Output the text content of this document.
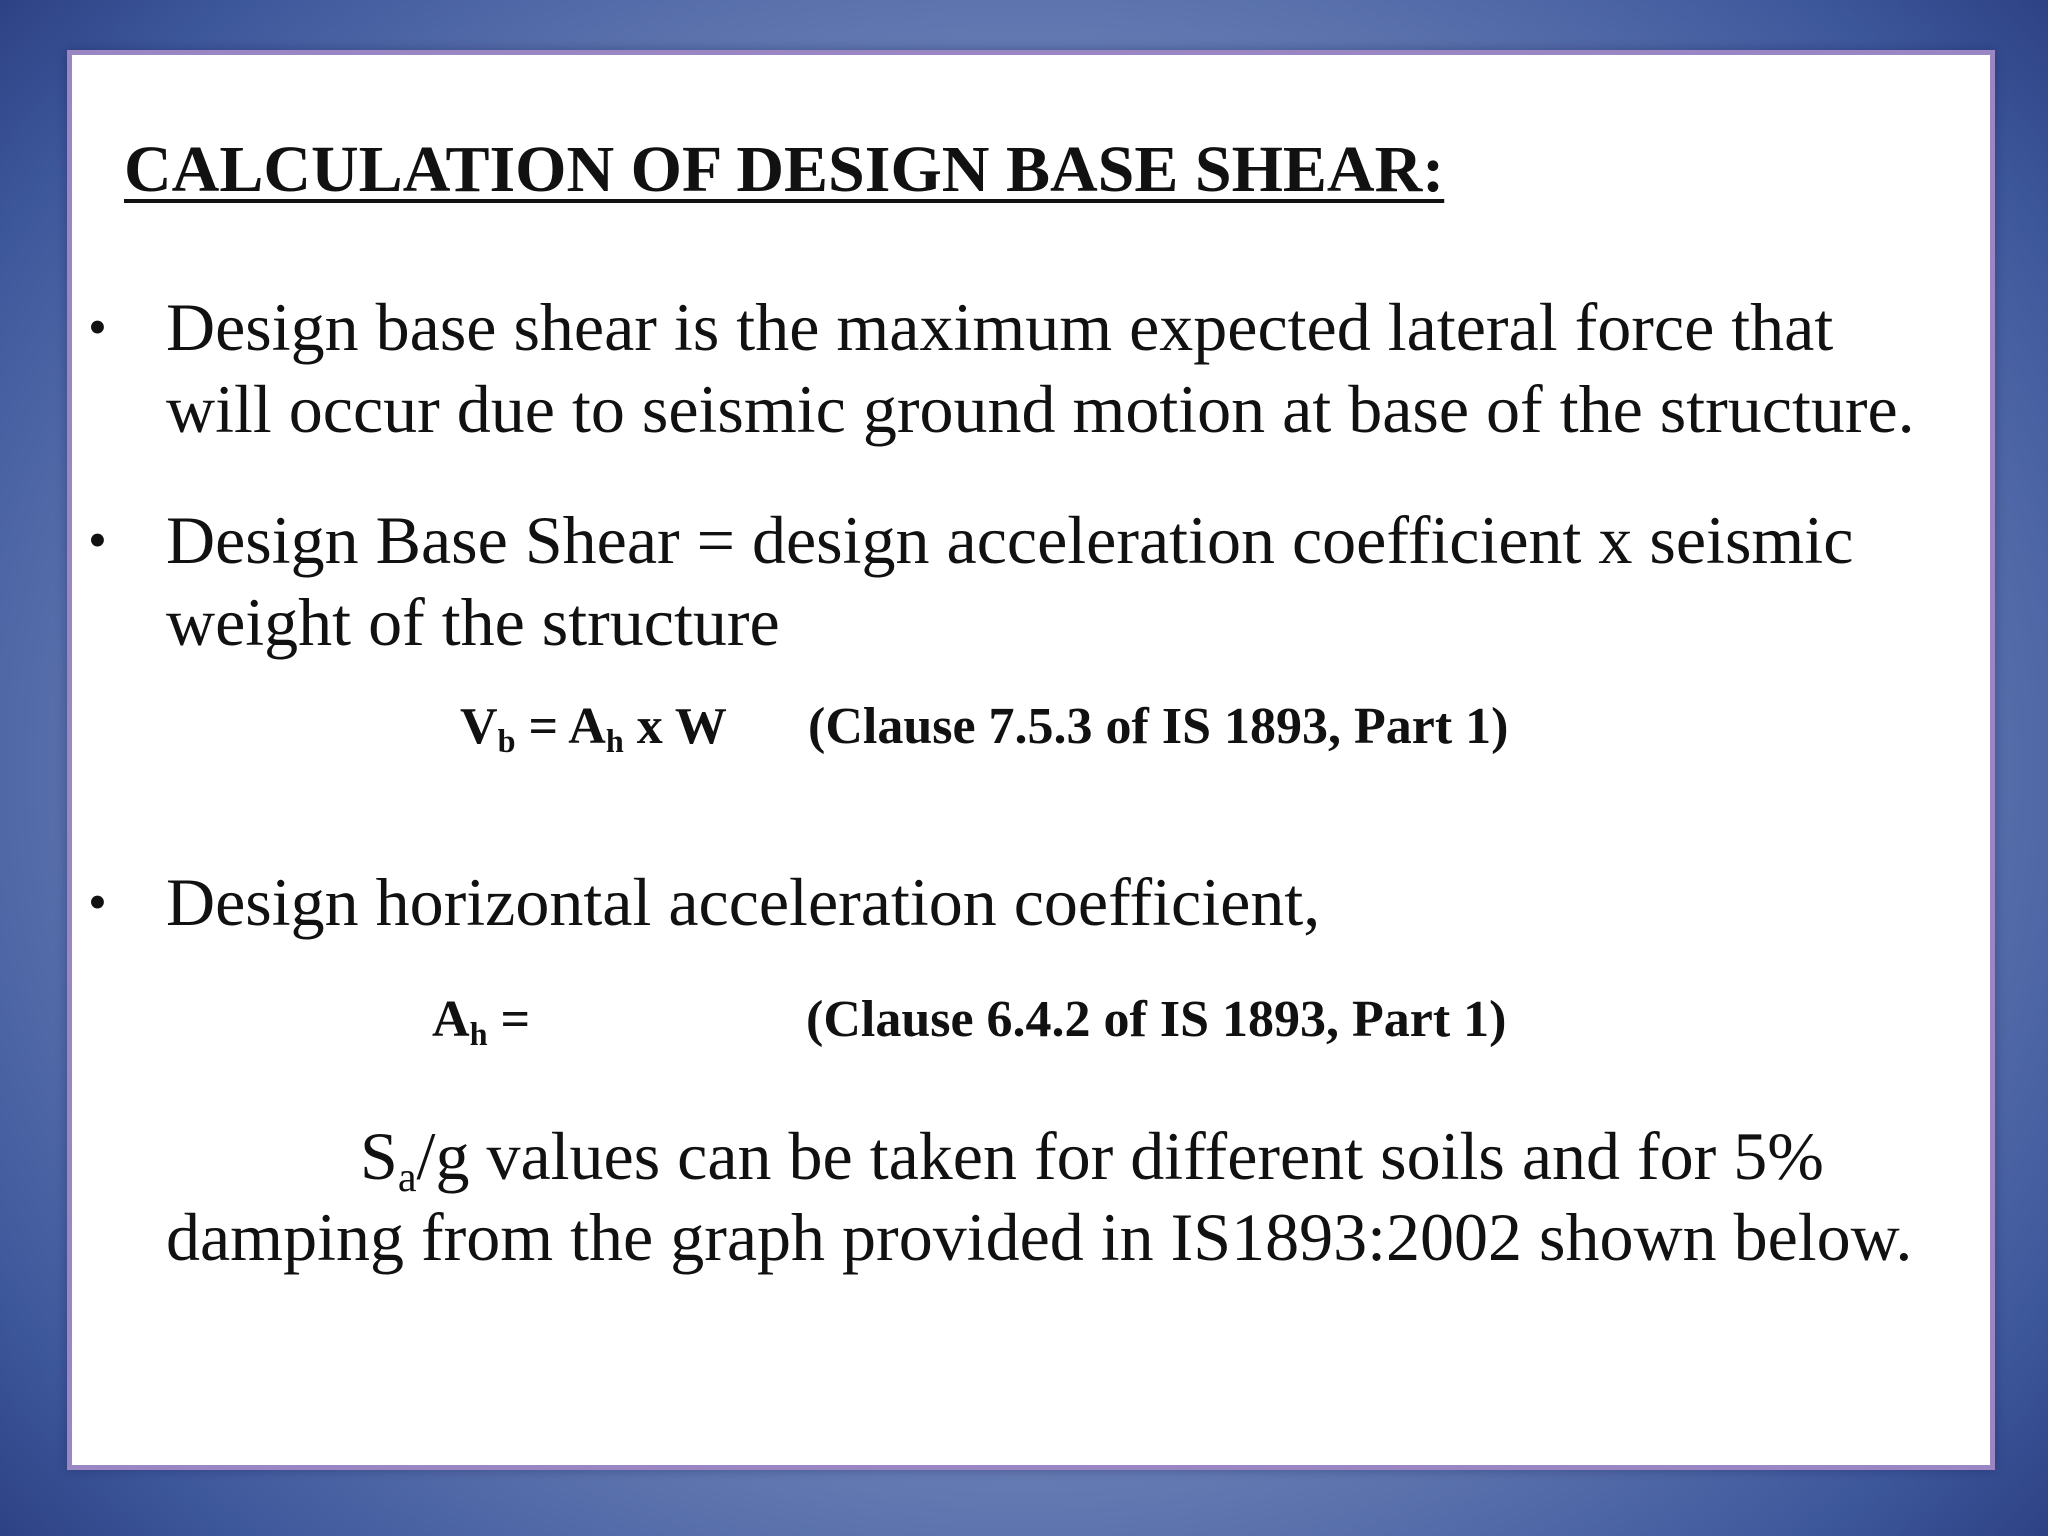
CALCULATION OF DESIGN BASE SHEAR:
• Design base shear is the maximum expected lateral force that
will occur due to seismic ground motion at base of the structure.
• Design Base Shear = design acceleration coefficient x seismic
weight of the structure
$V_b = A_h$ x W (Clause 7.5.3 of IS 1893, Part 1)
• Design horizontal acceleration coefficient,
$A_h$ =	(Clause 6.4.2 of IS 1893, Part 1)
$S_a/g$ values can be taken for different soils and for 5%
damping from the graph provided in IS1893:2002 shown below.
